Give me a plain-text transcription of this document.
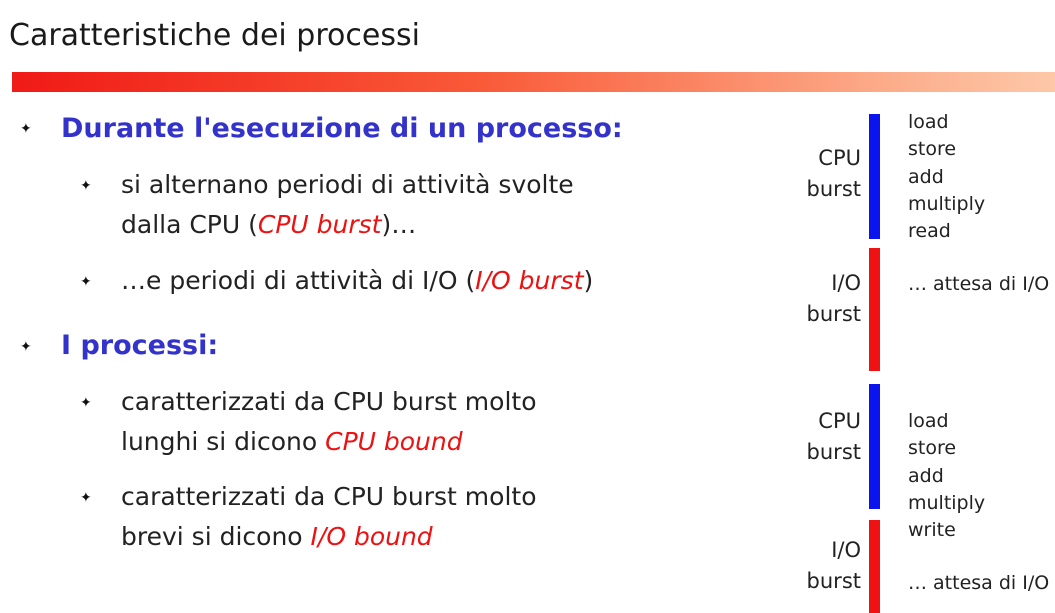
Caratteristiche dei processi
✦ Durante l'esecuzione di un processo:
✦ si alternano periodi di attività svolte
dalla CPU (CPU burst)…
✦ …e periodi di attività di I/O (I/O burst)
✦ I processi:
✦ caratterizzati da CPU burst molto
lunghi si dicono CPU bound
✦ caratterizzati da CPU burst molto
brevi si dicono I/O bound
CPU
burst
load
store
add
multiply
read
I/O
burst
… attesa di I/O
CPU
burst
load
store
add
multiply
write
I/O
burst … attesa di I/O
